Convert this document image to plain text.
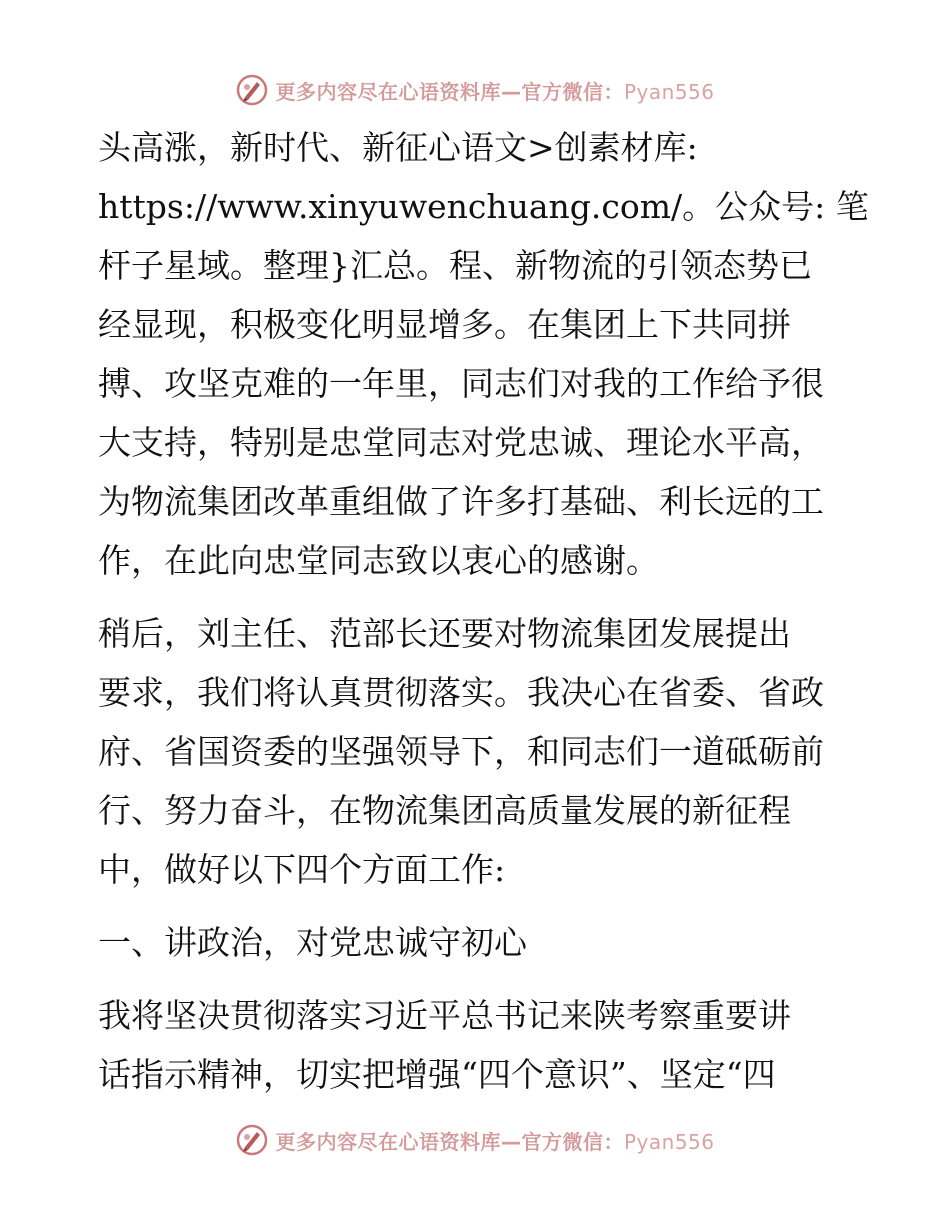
更多内容尽在心语资料库—官方微信：Pyan556

头高涨，新时代、新征心语文>创素材库:
https://www.xinyuwenchuang.com/。公众号: 笔
杆子星域。整理}汇总。程、新物流的引领态势已
经显现，积极变化明显增多。在集团上下共同拼
搏、攻坚克难的一年里，同志们对我的工作给予很
大支持，特别是忠堂同志对党忠诚、理论水平高，
为物流集团改革重组做了许多打基础、利长远的工
作，在此向忠堂同志致以衷心的感谢。

稍后，刘主任、范部长还要对物流集团发展提出
要求，我们将认真贯彻落实。我决心在省委、省政
府、省国资委的坚强领导下，和同志们一道砥砺前
行、努力奋斗，在物流集团高质量发展的新征程
中，做好以下四个方面工作:

一、讲政治，对党忠诚守初心

我将坚决贯彻落实习近平总书记来陕考察重要讲
话指示精神，切实把增强“四个意识”、坚定“四

更多内容尽在心语资料库—官方微信：Pyan556
